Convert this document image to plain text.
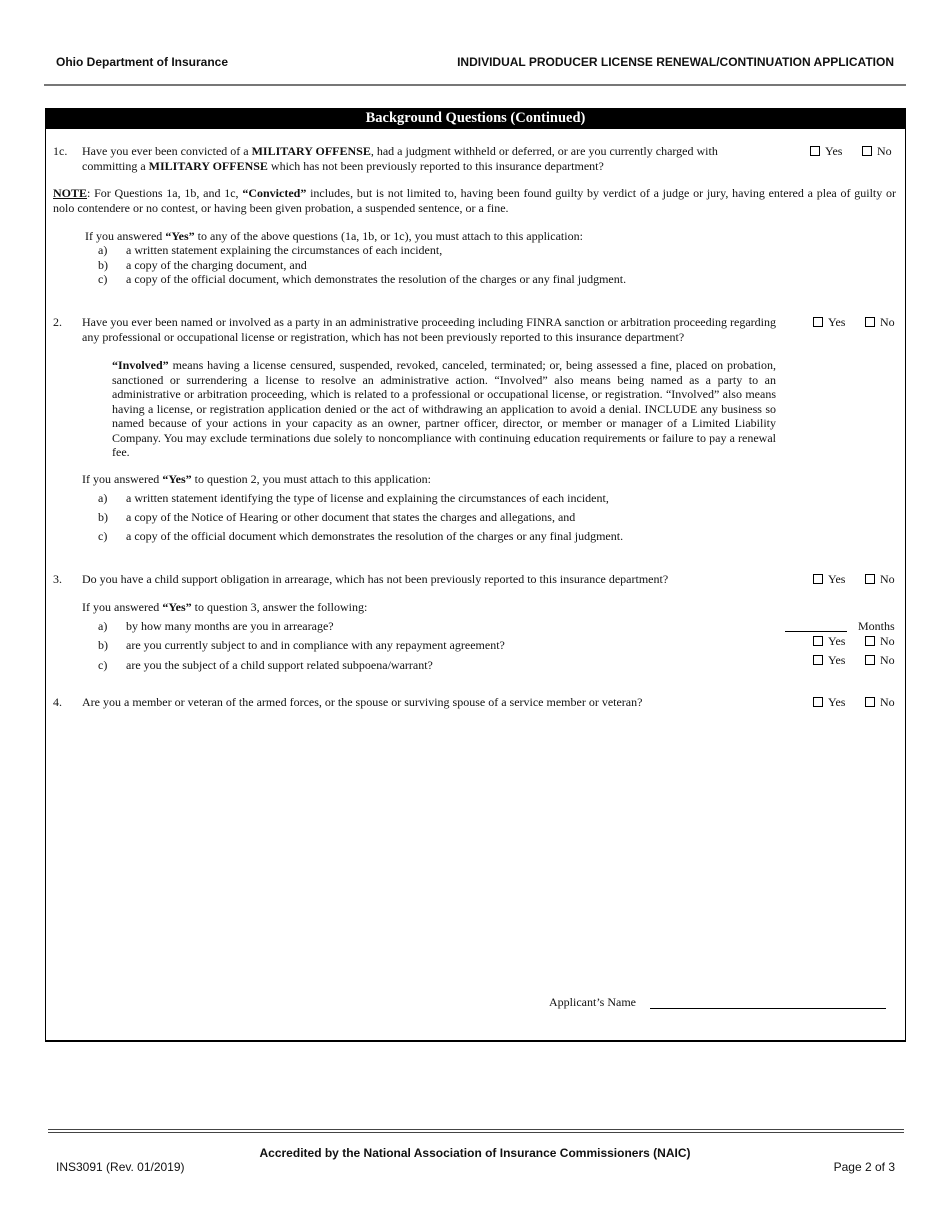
Ohio Department of Insurance	INDIVIDUAL PRODUCER LICENSE RENEWAL/CONTINUATION APPLICATION
Background Questions (Continued)
1c. Have you ever been convicted of a MILITARY OFFENSE, had a judgment withheld or deferred, or are you currently charged with
committing a MILITARY OFFENSE which has not been previously reported to this insurance department?
Yes	No
NOTE: For Questions 1a, 1b, and 1c, “Convicted” includes, but is not limited to, having been found guilty by verdict of a judge or jury, having entered a plea of guilty or nolo contendere or no contest, or having been given probation, a suspended sentence, or a fine.
If you answered “Yes” to any of the above questions (1a, 1b, or 1c), you must attach to this application:
a) a written statement explaining the circumstances of each incident,
b) a copy of the charging document, and
c) a copy of the official document, which demonstrates the resolution of the charges or any final judgment.
2. Have you ever been named or involved as a party in an administrative proceeding including FINRA sanction or arbitration proceeding regarding any professional or occupational license or registration, which has not been previously reported to this insurance department?
Yes	No
“Involved” means having a license censured, suspended, revoked, canceled, terminated; or, being assessed a fine, placed on probation, sanctioned or surrendering a license to resolve an administrative action. “Involved” also means being named as a party to an administrative or arbitration proceeding, which is related to a professional or occupational license, or registration. “Involved” also means having a license, or registration application denied or the act of withdrawing an application to avoid a denial. INCLUDE any business so named because of your actions in your capacity as an owner, partner officer, director, or member or manager of a Limited Liability Company. You may exclude terminations due solely to noncompliance with continuing education requirements or failure to pay a renewal fee.
If you answered “Yes” to question 2, you must attach to this application:
a) a written statement identifying the type of license and explaining the circumstances of each incident,
b) a copy of the Notice of Hearing or other document that states the charges and allegations, and
c) a copy of the official document which demonstrates the resolution of the charges or any final judgment.
3. Do you have a child support obligation in arrearage, which has not been previously reported to this insurance department?	Yes	No
If you answered “Yes” to question 3, answer the following:
a) by how many months are you in arrearage?	Months
b) are you currently subject to and in compliance with any repayment agreement?	Yes	No
c) are you the subject of a child support related subpoena/warrant?	Yes	No
4. Are you a member or veteran of the armed forces, or the spouse or surviving spouse of a service member or veteran?	Yes	No
Applicant’s Name
Accredited by the National Association of Insurance Commissioners (NAIC)
INS3091 (Rev. 01/2019)	Page 2 of 3
